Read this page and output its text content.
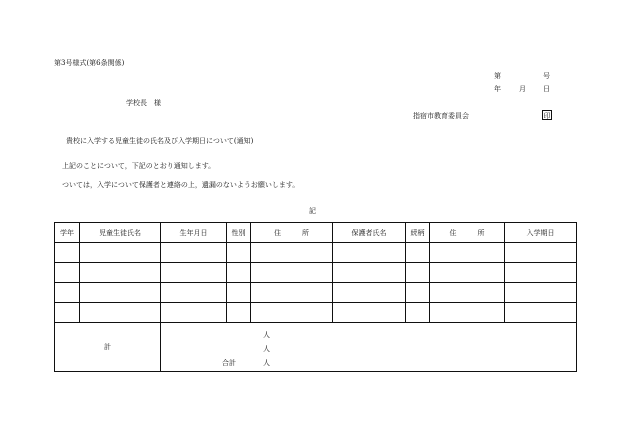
第3号様式(第6条関係)
第	号
年	月 日
学校長　様
指宿市教育委員会	印
貴校に入学する児童生徒の氏名及び入学期日について(通知)
上記のことについて，下記のとおり通知します。
ついては，入学について保護者と連絡の上，遺漏のないようお願いします。
記
学年	児童生徒氏名	生年月日	性別	住　　　所	保護者氏名	続柄	住　　　所	入学期日

計		人
人
合計 人						
